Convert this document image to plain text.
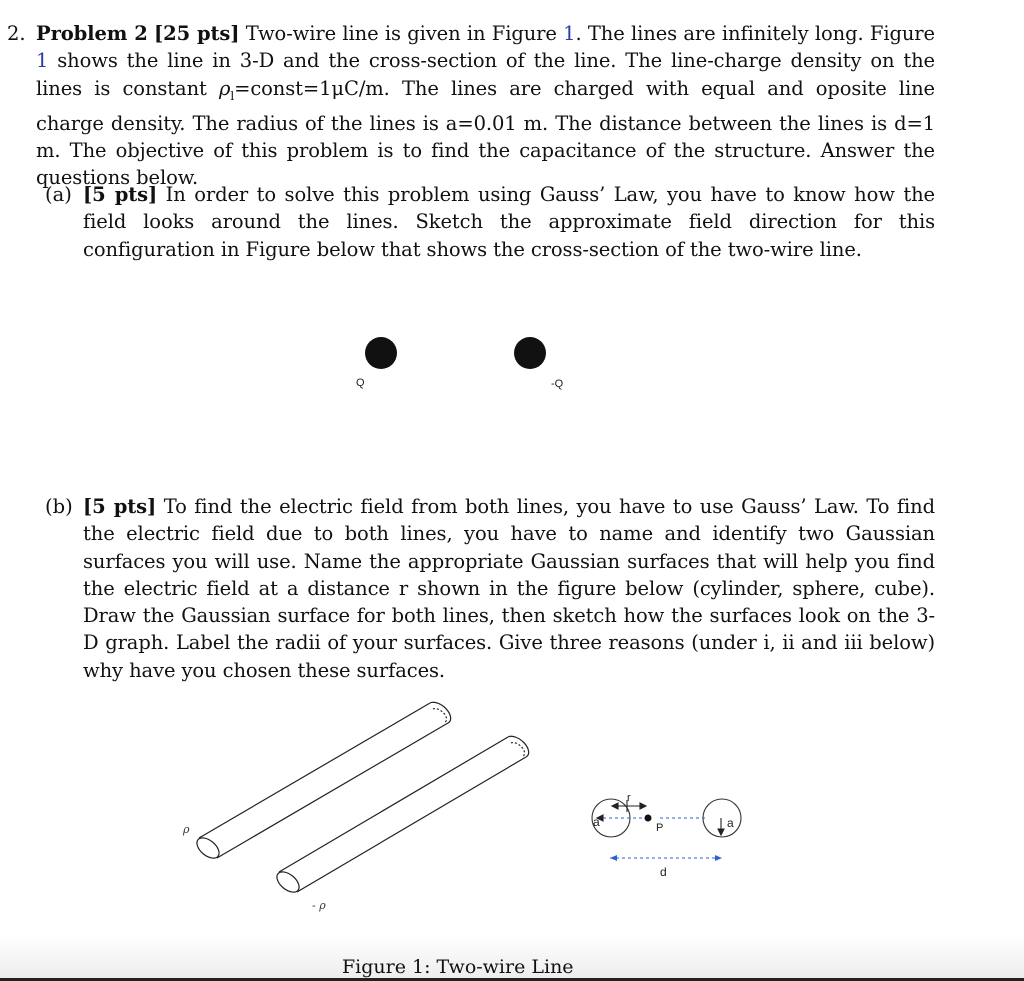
2. Problem 2 [25 pts] Two-wire line is given in Figure 1. The lines are infinitely long. Figure 1 shows the line in 3-D and the cross-section of the line. The line-charge density on the lines is constant $\rho_l=const=1\mu C/m$. The lines are charged with equal and oposite line charge density. The radius of the lines is a=0.01 m. The distance between the lines is d=1 m. The objective of this problem is to find the capacitance of the structure. Answer the questions below.
(a) [5 pts] In order to solve this problem using Gauss’ Law, you have to know how the field looks around the lines. Sketch the approximate field direction for this configuration in Figure below that shows the cross-section of the two-wire line.
(b) [5 pts] To find the electric field from both lines, you have to use Gauss’ Law. To find the electric field due to both lines, you have to name and identify two Gaussian surfaces you will use. Name the appropriate Gaussian surfaces that will help you find the electric field at a distance r shown in the figure below (cylinder, sphere, cube). Draw the Gaussian surface for both lines, then sketch how the surfaces look on the 3-D graph. Label the radii of your surfaces. Give three reasons (under i, ii and iii below) why have you chosen these surfaces.
Q	-Q
ρ
- ρ
a
r
P	a
d
Figure 1: Two-wire Line
